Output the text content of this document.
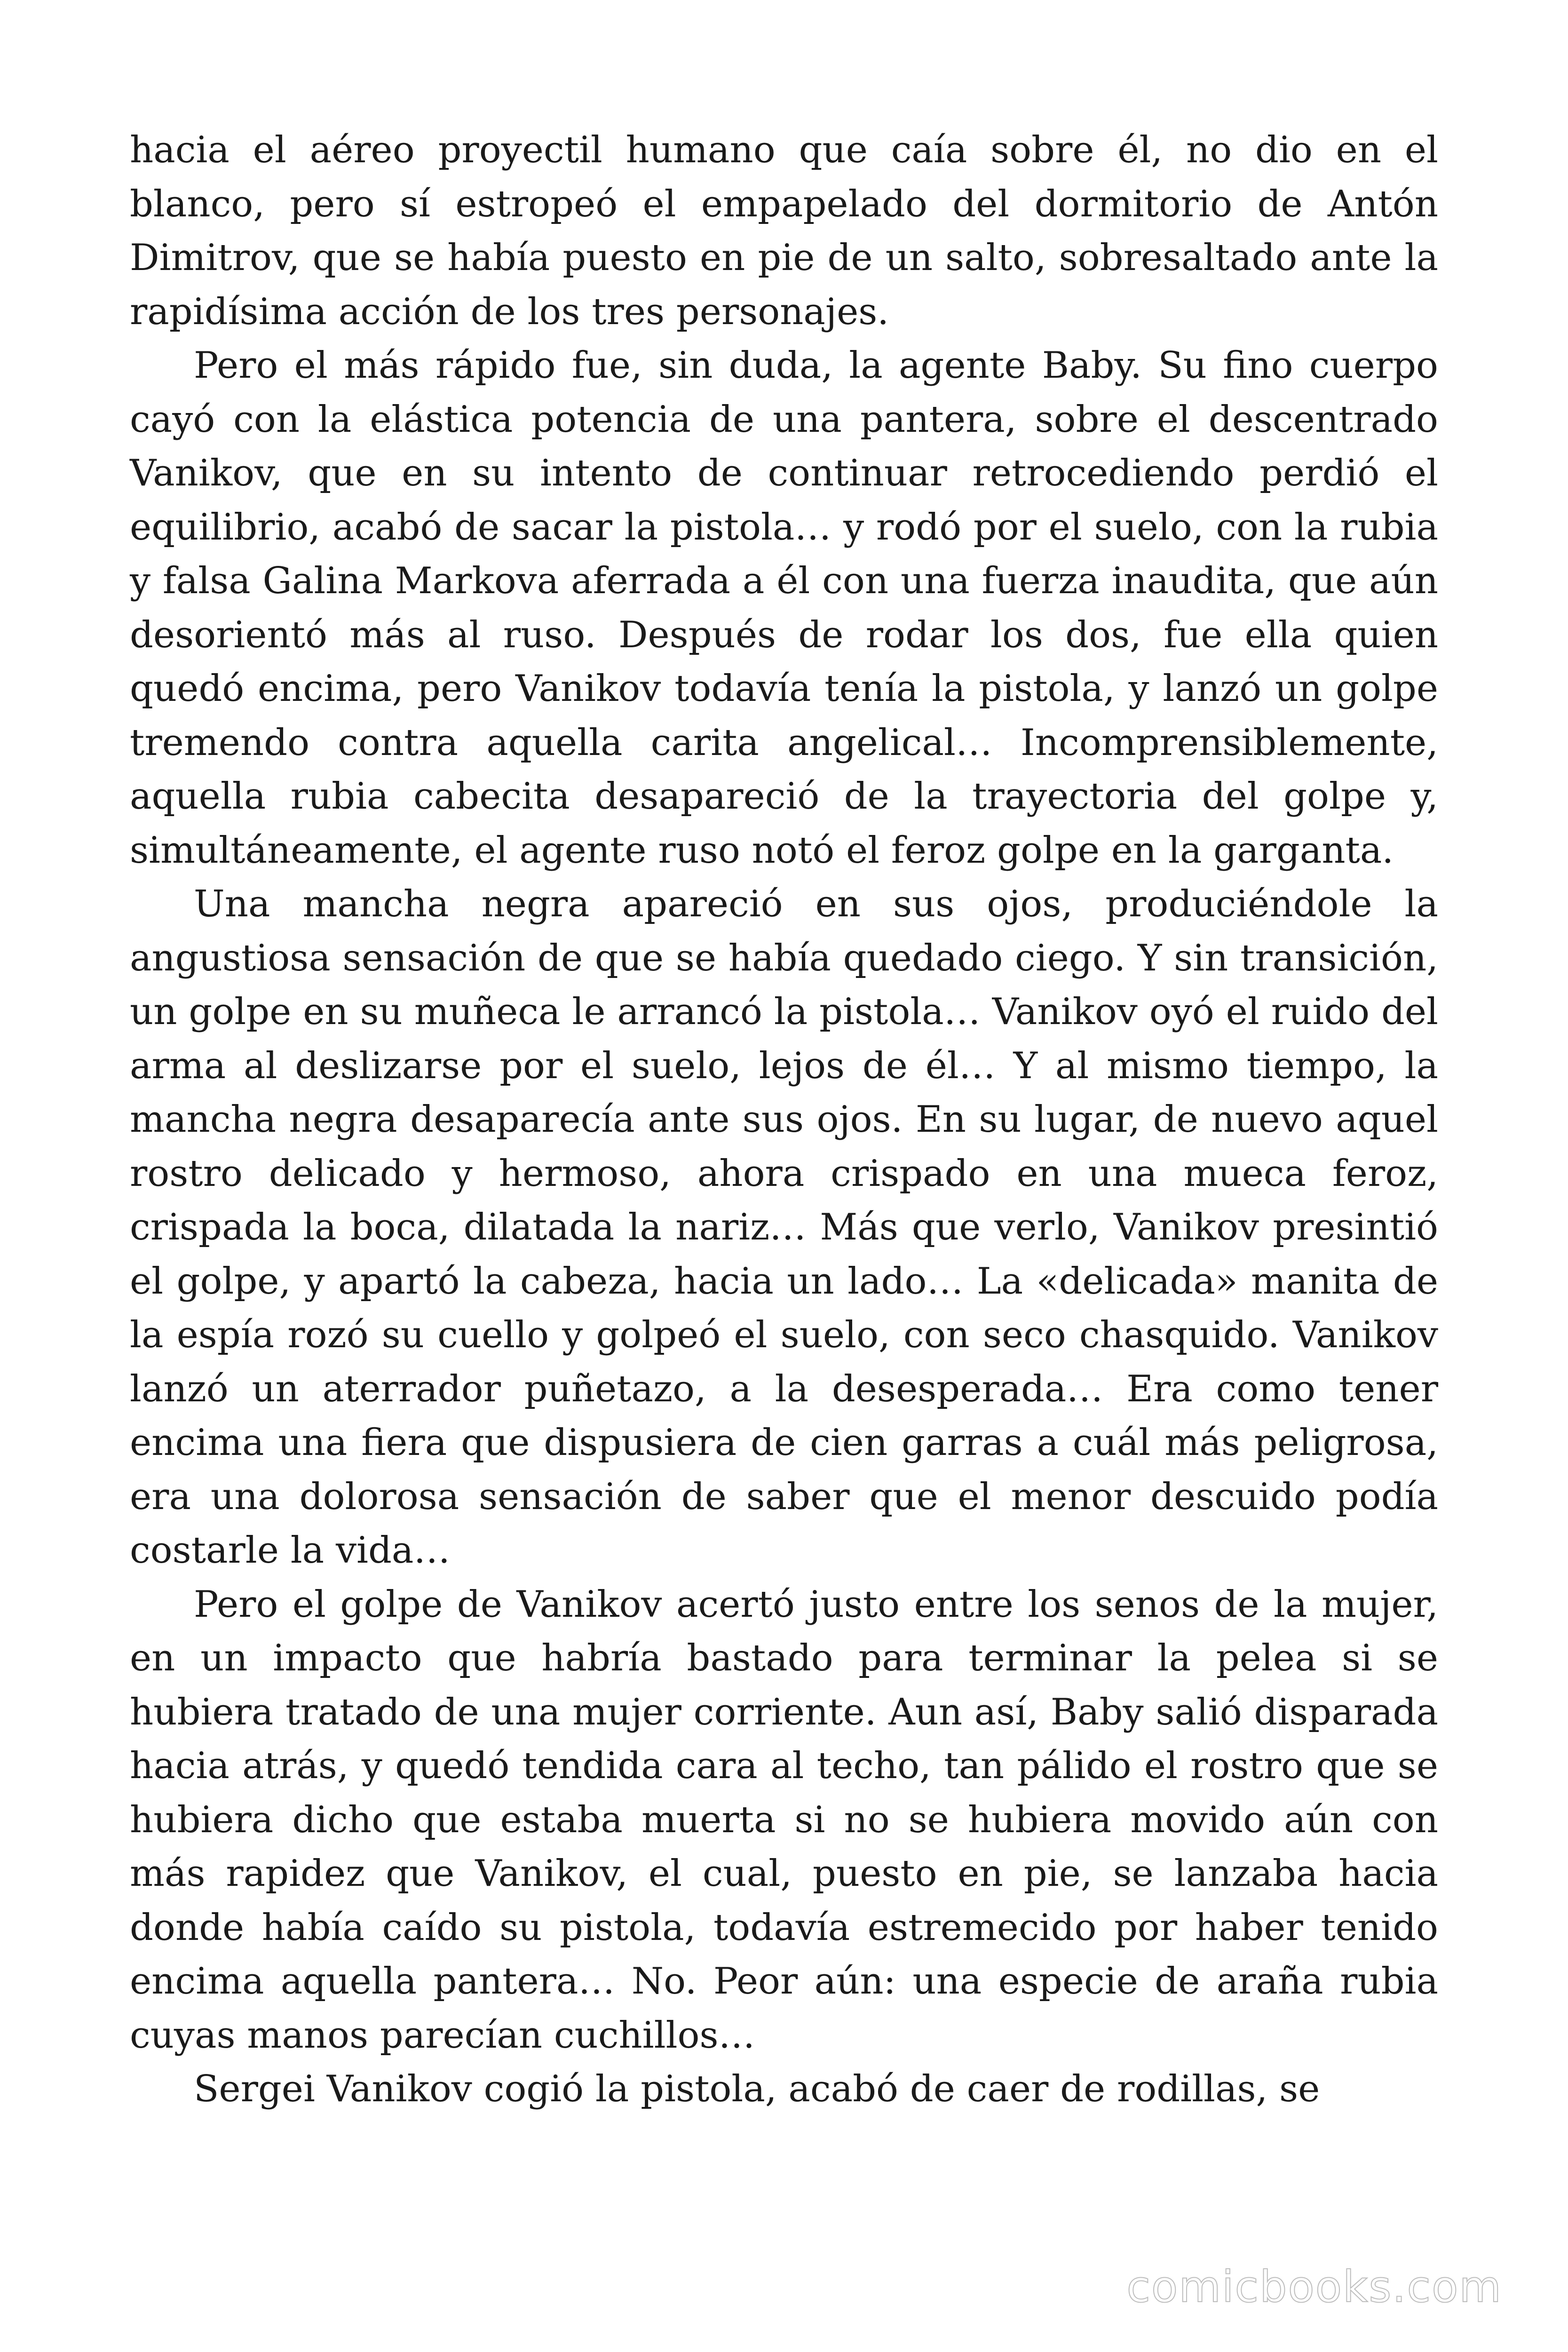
hacia el aéreo proyectil humano que caía sobre él, no dio en el blanco, pero sí estropeó el empapelado del dormitorio de Antón Dimitrov, que se había puesto en pie de un salto, sobresaltado ante la rapidísima acción de los tres personajes.

Pero el más rápido fue, sin duda, la agente Baby. Su fino cuerpo cayó con la elástica potencia de una pantera, sobre el descentrado Vanikov, que en su intento de continuar retrocediendo perdió el equilibrio, acabó de sacar la pistola… y rodó por el suelo, con la rubia y falsa Galina Markova aferrada a él con una fuerza inaudita, que aún desorientó más al ruso. Después de rodar los dos, fue ella quien quedó encima, pero Vanikov todavía tenía la pistola, y lanzó un golpe tremendo contra aquella carita angelical… Incomprensiblemente, aquella rubia cabecita desapareció de la trayectoria del golpe y, simultáneamente, el agente ruso notó el feroz golpe en la garganta.

Una mancha negra apareció en sus ojos, produciéndole la angustiosa sensación de que se había quedado ciego. Y sin transición, un golpe en su muñeca le arrancó la pistola… Vanikov oyó el ruido del arma al deslizarse por el suelo, lejos de él… Y al mismo tiempo, la mancha negra desaparecía ante sus ojos. En su lugar, de nuevo aquel rostro delicado y hermoso, ahora crispado en una mueca feroz, crispada la boca, dilatada la nariz… Más que verlo, Vanikov presintió el golpe, y apartó la cabeza, hacia un lado… La «delicada» manita de la espía rozó su cuello y golpeó el suelo, con seco chasquido. Vanikov lanzó un aterrador puñetazo, a la desesperada… Era como tener encima una fiera que dispusiera de cien garras a cuál más peligrosa, era una dolorosa sensación de saber que el menor descuido podía costarle la vida…

Pero el golpe de Vanikov acertó justo entre los senos de la mujer, en un impacto que habría bastado para terminar la pelea si se hubiera tratado de una mujer corriente. Aun así, Baby salió disparada hacia atrás, y quedó tendida cara al techo, tan pálido el rostro que se hubiera dicho que estaba muerta si no se hubiera movido aún con más rapidez que Vanikov, el cual, puesto en pie, se lanzaba hacia donde había caído su pistola, todavía estremecido por haber tenido encima aquella pantera… No. Peor aún: una especie de araña rubia cuyas manos parecían cuchillos…

Sergei Vanikov cogió la pistola, acabó de caer de rodillas, se

comicbooks.com
